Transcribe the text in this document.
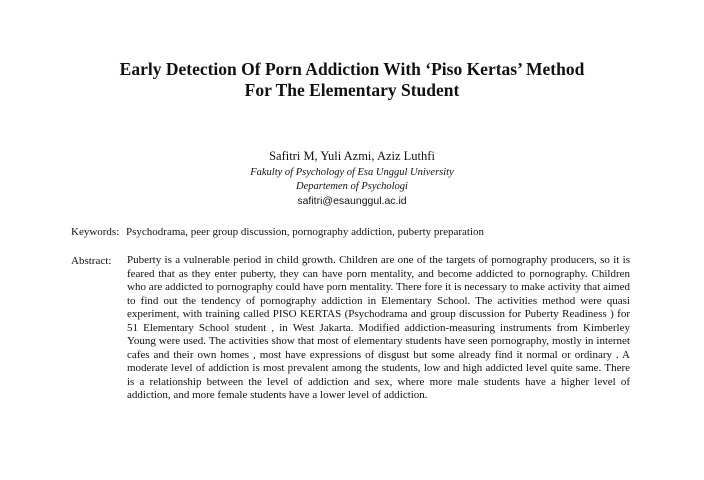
Early Detection Of Porn Addiction With ‘Piso Kertas’ Method
For The Elementary Student
Safitri M, Yuli Azmi, Aziz Luthfi
Fakulty of Psychology of Esa Unggul University
Departemen of Psychologi
safitri@esaunggul.ac.id
Keywords: Psychodrama, peer group discussion, pornography addiction, puberty preparation
Abstract: Puberty is a vulnerable period in child growth. Children are one of the targets of pornography producers, so it is feared that as they enter puberty, they can have porn mentality, and become addicted to pornography. Children who are addicted to pornography could have porn mentality. There fore it is necessary to make activity that aimed to find out the tendency of pornography addiction in Elementary School. The activities method were quasi experiment, with training called PISO KERTAS (Psychodrama and group discussion for Puberty Readiness ) for 51 Elementary School student , in West Jakarta. Modified addiction-measuring instruments from Kimberley Young were used. The activities show that most of elementary students have seen pornography, mostly in internet cafes and their own homes , most have expressions of disgust but some already find it normal or ordinary . A moderate level of addiction is most prevalent among the students, low and high addicted level quite same. There is a relationship between the level of addiction and sex, where more male students have a higher level of addiction, and more female students have a lower level of addiction.
